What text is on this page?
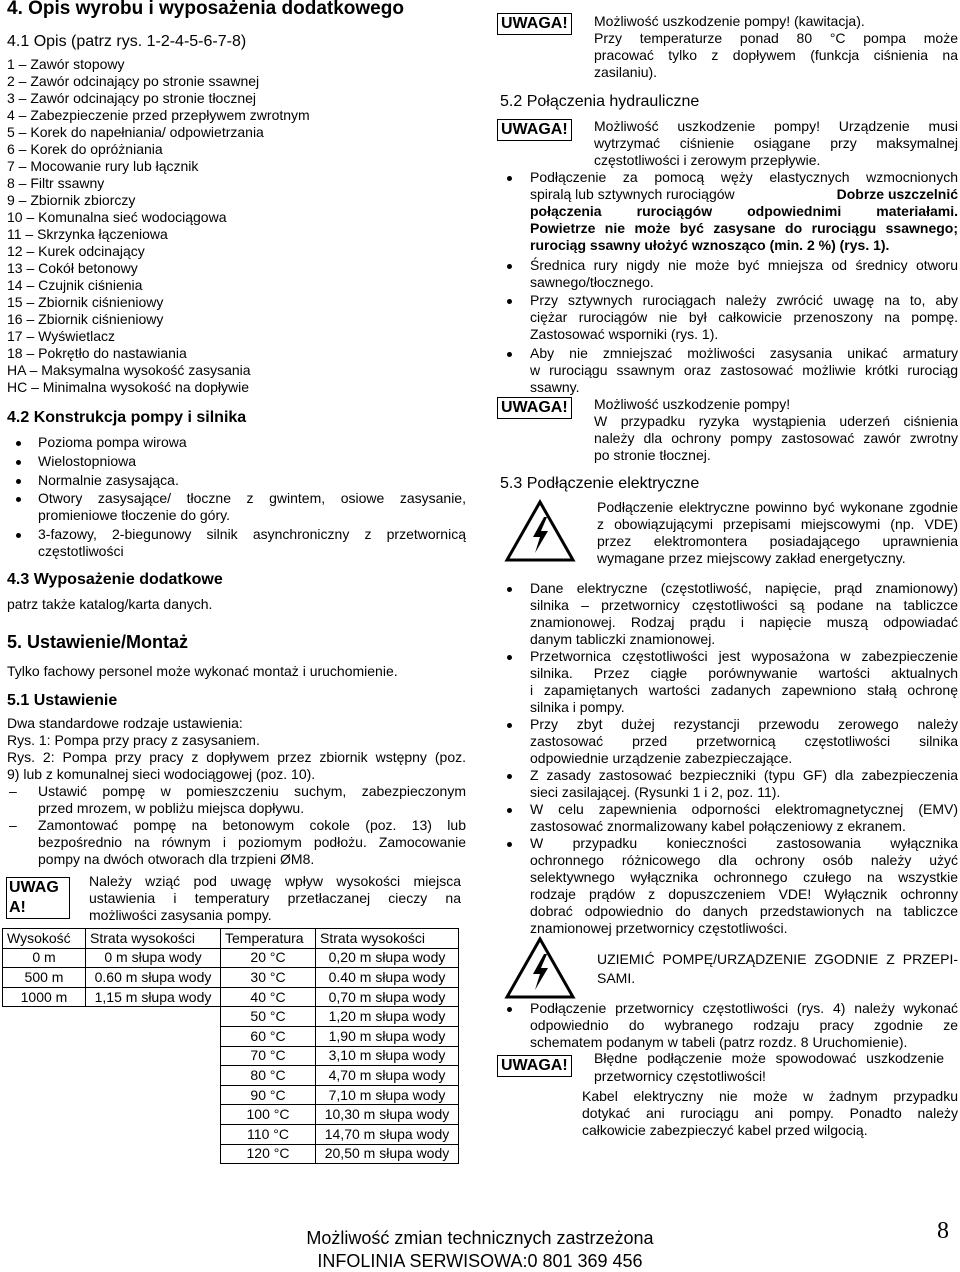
4. Opis wyrobu i wyposażenia dodatkowego
4.1 Opis (patrz rys. 1-2-4-5-6-7-8)
1 – Zawór stopowy
2 – Zawór odcinający po stronie ssawnej
3 – Zawór odcinający po stronie tłocznej
4 – Zabezpieczenie przed przepływem zwrotnym
5 – Korek do napełniania/ odpowietrzania
6 – Korek do opróżniania
7 – Mocowanie rury lub łącznik
8 – Filtr ssawny
9 – Zbiornik zbiorczy
10 – Komunalna sieć wodociągowa
11 – Skrzynka łączeniowa
12 – Kurek odcinający
13 – Cokół betonowy
14 – Czujnik ciśnienia
15 – Zbiornik ciśnieniowy
16 – Zbiornik ciśnieniowy
17 – Wyświetlacz
18 – Pokrętło do nastawiania
HA – Maksymalna wysokość zasysania
HC – Minimalna wysokość na dopływie
4.2 Konstrukcja pompy i silnika
Pozioma pompa wirowa
Wielostopniowa
Normalnie zasysająca.
Otwory zasysające/ tłoczne z gwintem, osiowe zasysanie,
promieniowe tłoczenie do góry.
3-fazowy, 2-biegunowy silnik asynchroniczny z przetwornicą
częstotliwości
4.3 Wyposażenie dodatkowe
patrz także katalog/karta danych.
5. Ustawienie/Montaż
Tylko fachowy personel może wykonać montaż i uruchomienie.
5.1 Ustawienie
Dwa standardowe rodzaje ustawienia:
Rys. 1: Pompa przy pracy z zasysaniem.
Rys. 2: Pompa przy pracy z dopływem przez zbiornik wstępny (poz.
9) lub z komunalnej sieci wodociągowej (poz. 10).
– Ustawić pompę w pomieszczeniu suchym, zabezpieczonym
przed mrozem, w pobliżu miejsca dopływu.
– Zamontować pompę na betonowym cokole (poz. 13) lub
bezpośrednio na równym i poziomym podłożu. Zamocowanie
pompy na dwóch otworach dla trzpieni ØM8.
UWAG
A!
Należy wziąć pod uwagę wpływ wysokości miejsca
ustawienia i temperatury przetłaczanej cieczy na
możliwości zasysania pompy.
Wysokość	Strata wysokości	Temperatura	Strata wysokości
0 m	0 m słupa wody	20 °C	0,20 m słupa wody
500 m	0.60 m słupa wody	30 °C	0.40 m słupa wody
1000 m	1,15 m słupa wody	40 °C	0,70 m słupa wody
		50 °C	1,20 m słupa wody
		60 °C	1,90 m słupa wody
		70 °C	3,10 m słupa wody
		80 °C	4,70 m słupa wody
		90 °C	7,10 m słupa wody
		100 °C	10,30 m słupa wody
		110 °C	14,70 m słupa wody
		120 °C	20,50 m słupa wody
UWAGA! Możliwość uszkodzenie pompy! (kawitacja).
Przy temperaturze ponad 80 °C pompa może
pracować tylko z dopływem (funkcja ciśnienia na
zasilaniu).
5.2 Połączenia hydrauliczne
UWAGA! Możliwość uszkodzenie pompy! Urządzenie musi
wytrzymać ciśnienie osiągane przy maksymalnej
częstotliwości i zerowym przepływie.
Podłączenie za pomocą węży elastycznych wzmocnionych
spiralą lub sztywnych rurociągów	Dobrze uszczelnić
połączenia rurociągów odpowiednimi materiałami.
Powietrze nie może być zasysane do rurociągu ssawnego;
rurociąg ssawny ułożyć wznosząco (min. 2 %) (rys. 1).
Średnica rury nigdy nie może być mniejsza od średnicy otworu
sawnego/tłocznego.
Przy sztywnych rurociągach należy zwrócić uwagę na to, aby
ciężar rurociągów nie był całkowicie przenoszony na pompę.
Zastosować wsporniki (rys. 1).
Aby nie zmniejszać możliwości zasysania unikać armatury
w rurociągu ssawnym oraz zastosować możliwie krótki rurociąg
ssawny.
UWAGA! Możliwość uszkodzenie pompy!
W przypadku ryzyka wystąpienia uderzeń ciśnienia
należy dla ochrony pompy zastosować zawór zwrotny
po stronie tłocznej.
5.3 Podłączenie elektryczne
Podłączenie elektryczne powinno być wykonane zgodnie
z obowiązującymi przepisami miejscowymi (np. VDE)
przez elektromontera posiadającego uprawnienia
wymagane przez miejscowy zakład energetyczny.
Dane elektryczne (częstotliwość, napięcie, prąd znamionowy)
silnika – przetwornicy częstotliwości są podane na tabliczce
znamionowej. Rodzaj prądu i napięcie muszą odpowiadać
danym tabliczki znamionowej.
Przetwornica częstotliwości jest wyposażona w zabezpieczenie
silnika. Przez ciągłe porównywanie wartości aktualnych
i zapamiętanych wartości zadanych zapewniono stałą ochronę
silnika i pompy.
Przy zbyt dużej rezystancji przewodu zerowego należy
zastosować przed przetwornicą częstotliwości silnika
odpowiednie urządzenie zabezpieczające.
Z zasady zastosować bezpieczniki (typu GF) dla zabezpieczenia
sieci zasilającej. (Rysunki 1 i 2, poz. 11).
W celu zapewnienia odporności elektromagnetycznej (EMV)
zastosować znormalizowany kabel połączeniowy z ekranem.
W przypadku konieczności zastosowania wyłącznika
ochronnego różnicowego dla ochrony osób należy użyć
selektywnego wyłącznika ochronnego czułego na wszystkie
rodzaje prądów z dopuszczeniem VDE! Wyłącznik ochronny
dobrać odpowiednio do danych przedstawionych na tabliczce
znamionowej przetwornicy częstotliwości.
Podłączenie przetwornicy częstotliwości (rys. 4) należy wykonać
odpowiednio do wybranego rodzaju pracy zgodnie ze
schematem podanym w tabeli (patrz rozdz. 8 Uruchomienie).
UZIEMIĆ POMPĘ/URZĄDZENIE ZGODNIE Z PRZEPI-
SAMI.
UWAGA! Błędne podłączenie może spowodować uszkodzenie
przetwornicy częstotliwości!
Kabel elektryczny nie może w żadnym przypadku
dotykać ani rurociągu ani pompy. Ponadto należy
całkowicie zabezpieczyć kabel przed wilgocią.
Możliwość zmian technicznych zastrzeżona
INFOLINIA SERWISOWA:0 801 369 456
8
